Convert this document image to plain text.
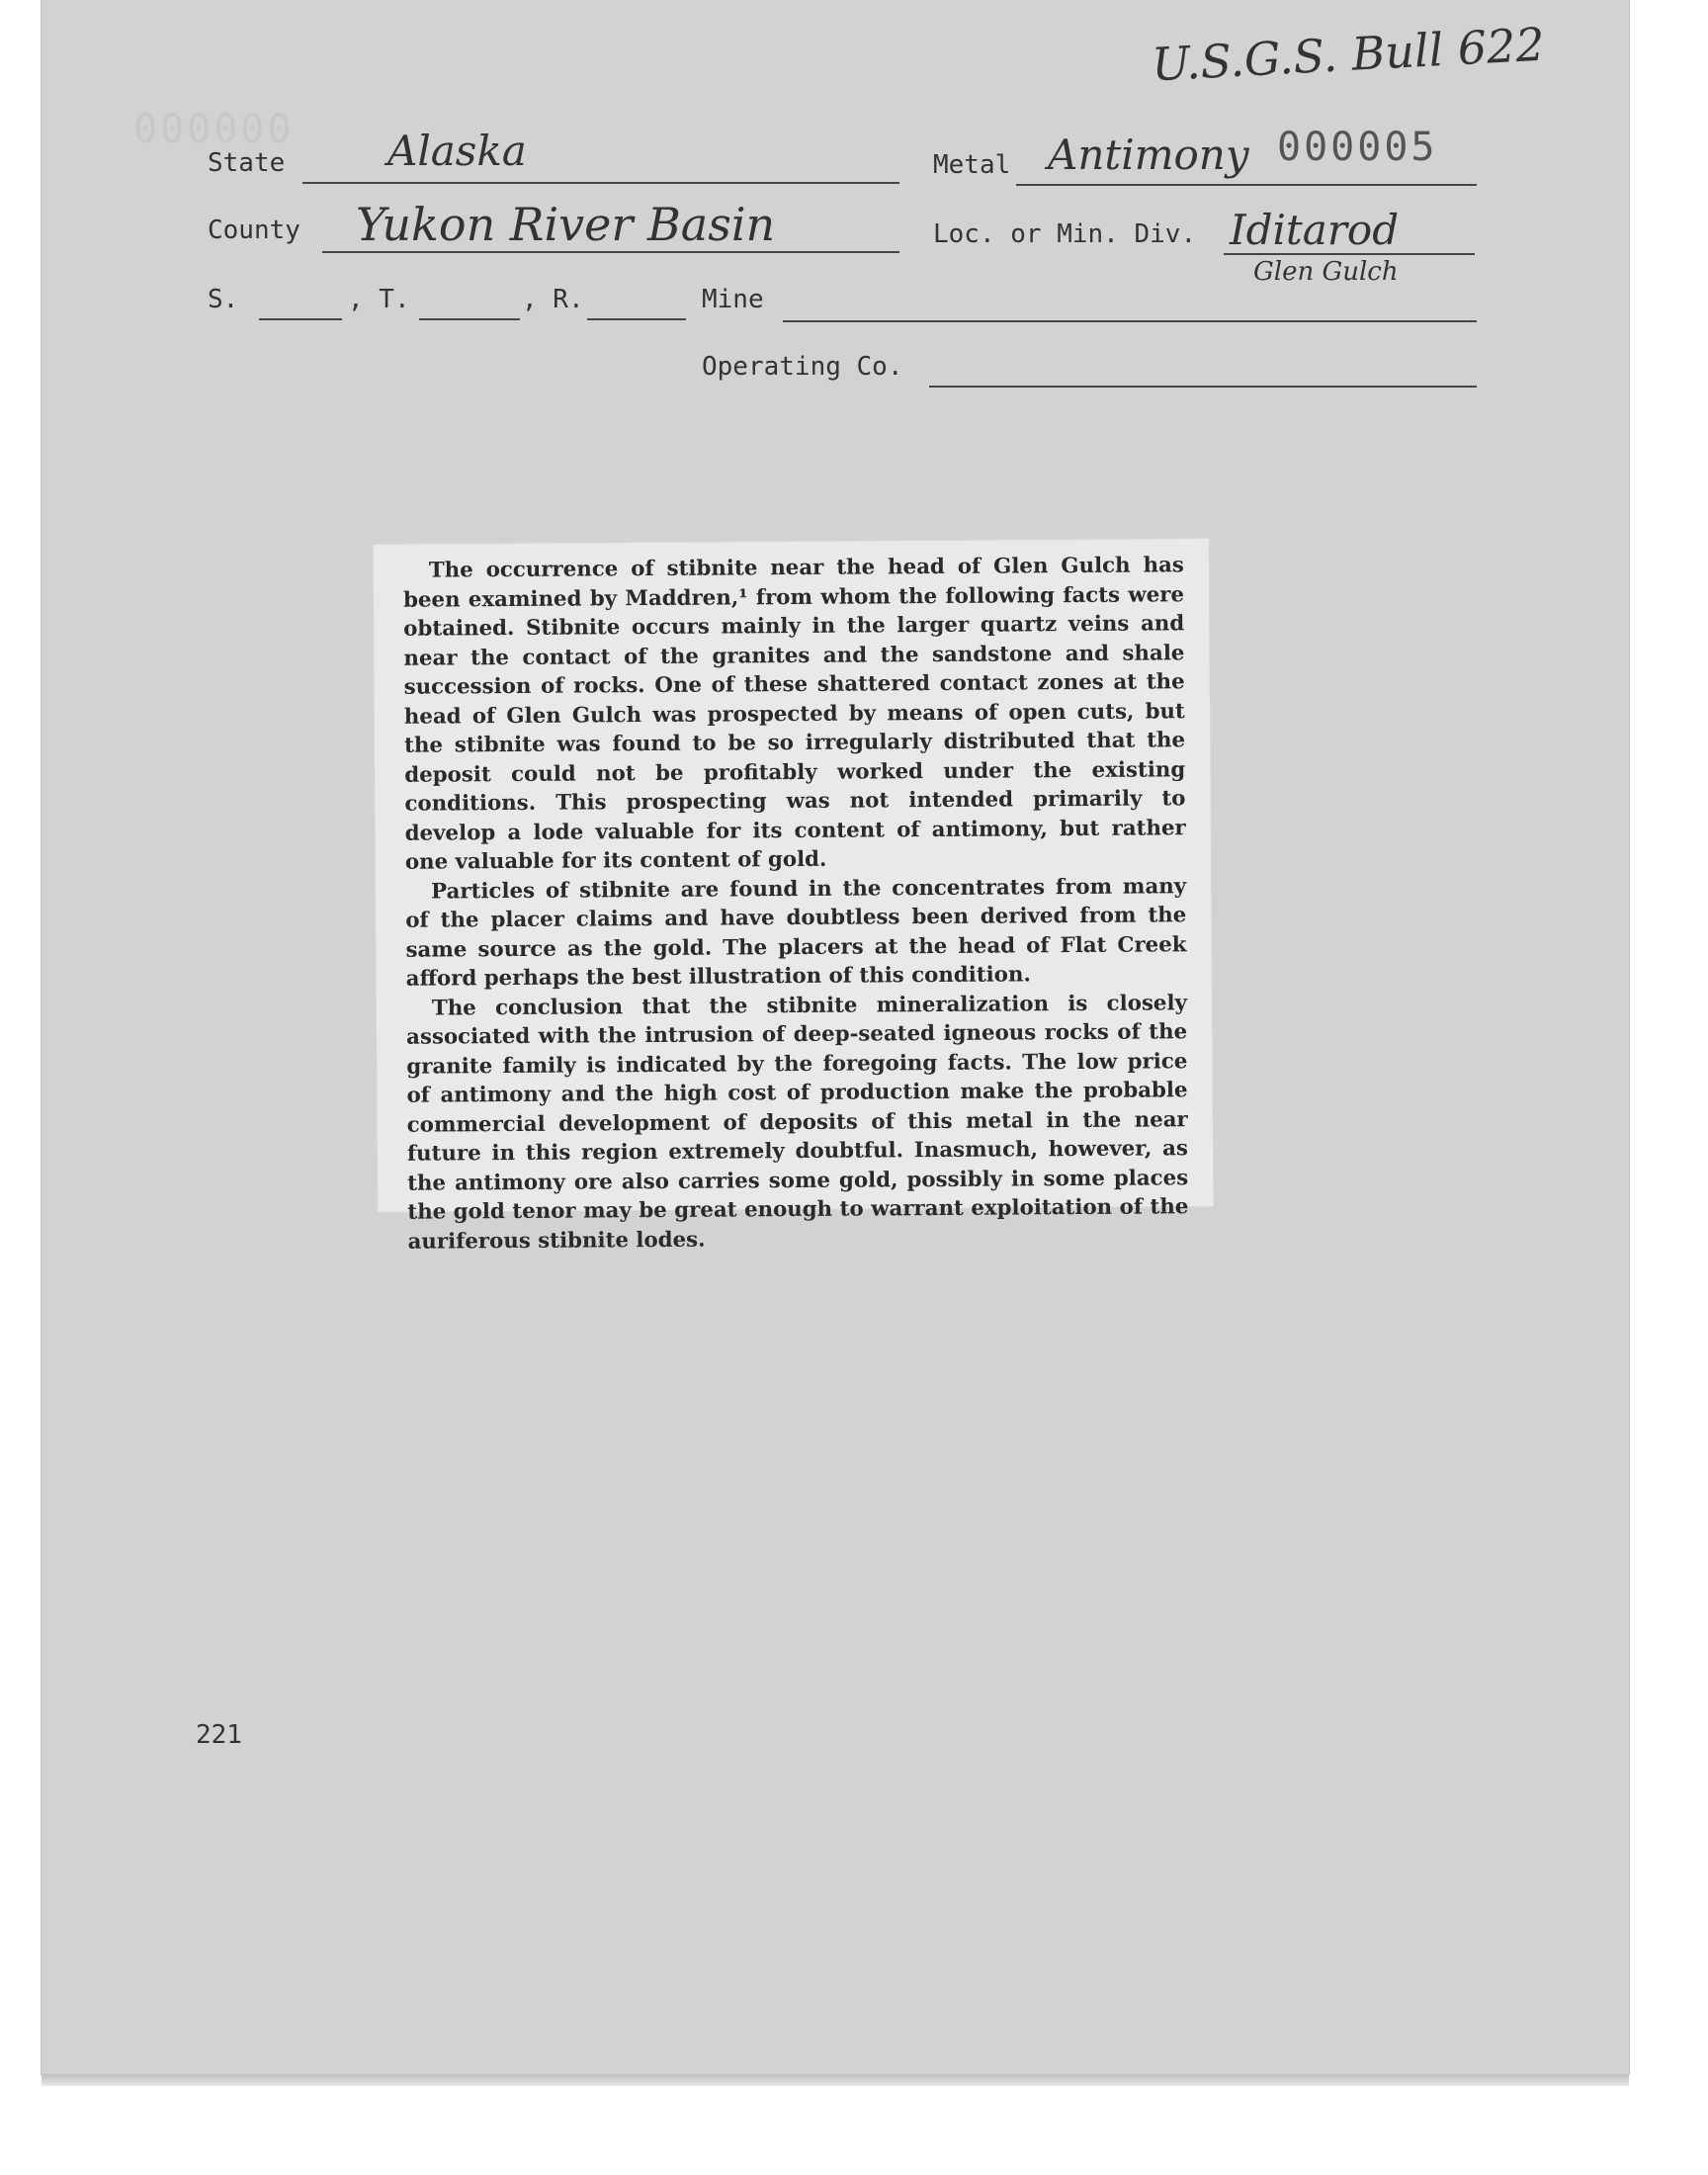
U.S.G.S. Bull 622
000000
State Alaska	Metal Antimony 000005
County Yukon River Basin	Loc. or Min. Div. Iditarod
Glen Gulch
S.	, T.	, R.	Mine
Operating Co.

The occurrence of stibnite near the head of Glen Gulch has been examined by Maddren,¹ from whom the following facts were obtained. Stibnite occurs mainly in the larger quartz veins and near the contact of the granites and the sandstone and shale succession of rocks. One of these shattered contact zones at the head of Glen Gulch was prospected by means of open cuts, but the stibnite was found to be so irregularly distributed that the deposit could not be profitably worked under the existing conditions. This prospecting was not intended primarily to develop a lode valuable for its content of antimony, but rather one valuable for its content of gold.

Particles of stibnite are found in the concentrates from many of the placer claims and have doubtless been derived from the same source as the gold. The placers at the head of Flat Creek afford perhaps the best illustration of this condition.

The conclusion that the stibnite mineralization is closely associated with the intrusion of deep-seated igneous rocks of the granite family is indicated by the foregoing facts. The low price of antimony and the high cost of production make the probable commercial development of deposits of this metal in the near future in this region extremely doubtful. Inasmuch, however, as the antimony ore also carries some gold, possibly in some places the gold tenor may be great enough to warrant exploitation of the auriferous stibnite lodes.

221
